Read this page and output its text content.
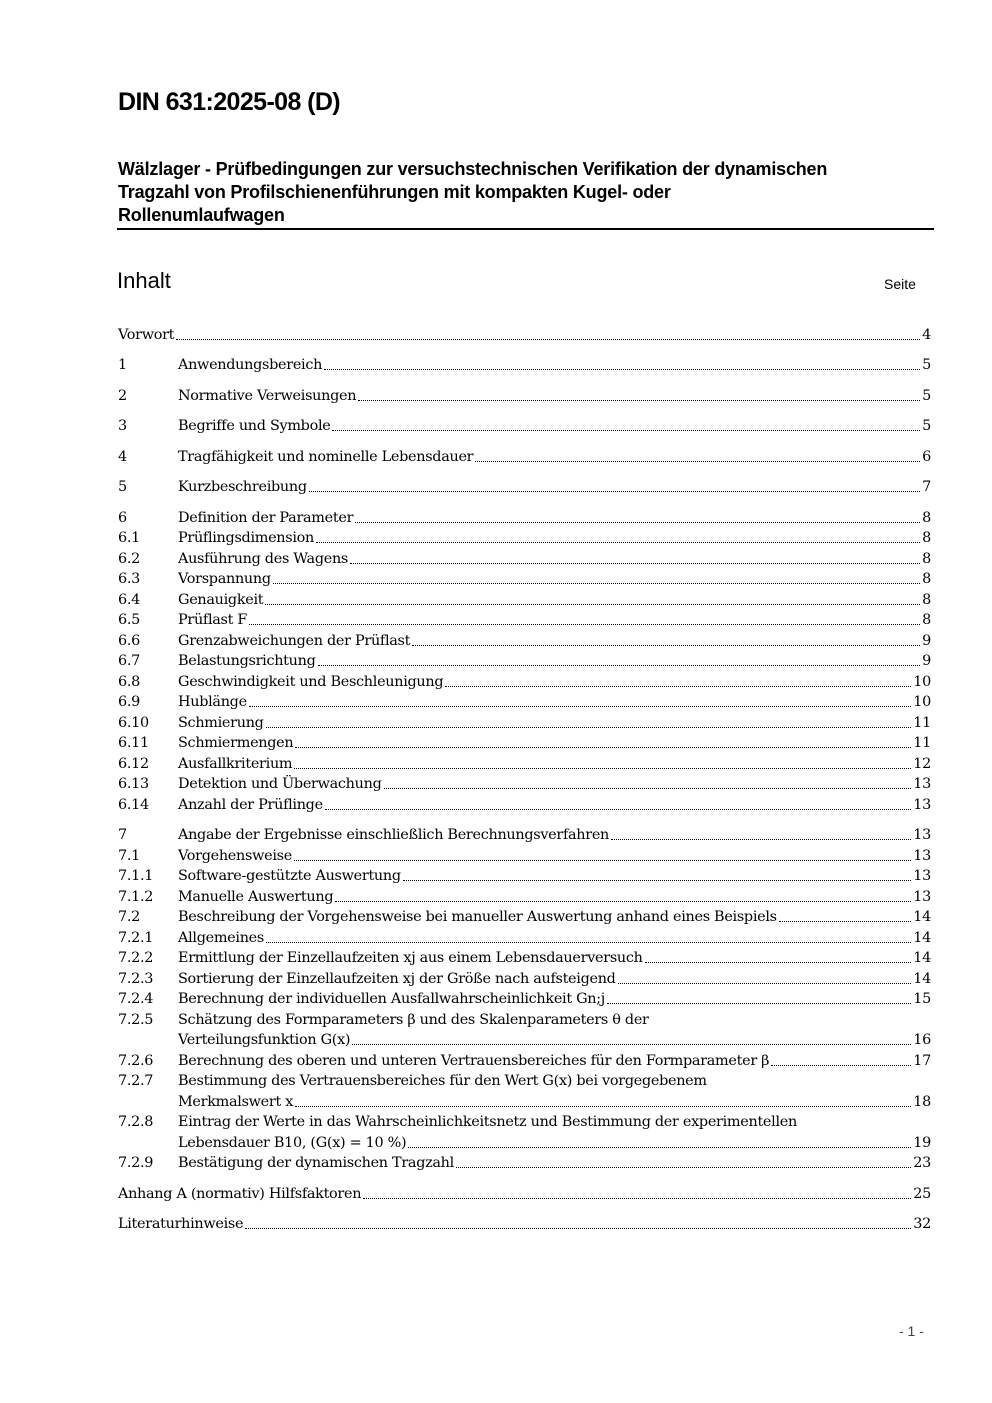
DIN 631:2025-08 (D)
Wälzlager - Prüfbedingungen zur versuchstechnischen Verifikation der dynamischen
Tragzahl von Profilschienenführungen mit kompakten Kugel- oder
Rollenumlaufwagen
Inhalt	Seite
Vorwort	4
1	Anwendungsbereich	5
2	Normative Verweisungen	5
3	Begriffe und Symbole	5
4	Tragfähigkeit und nominelle Lebensdauer	6
5	Kurzbeschreibung	7
6	Definition der Parameter	8
6.1	Prüflingsdimension	8
6.2	Ausführung des Wagens	8
6.3	Vorspannung	8
6.4	Genauigkeit	8
6.5	Prüflast F	8
6.6	Grenzabweichungen der Prüflast	9
6.7	Belastungsrichtung	9
6.8	Geschwindigkeit und Beschleunigung	10
6.9	Hublänge	10
6.10	Schmierung	11
6.11	Schmiermengen	11
6.12	Ausfallkriterium	12
6.13	Detektion und Überwachung	13
6.14	Anzahl der Prüflinge	13
7	Angabe der Ergebnisse einschließlich Berechnungsverfahren	13
7.1	Vorgehensweise	13
7.1.1	Software-gestützte Auswertung	13
7.1.2	Manuelle Auswertung	13
7.2	Beschreibung der Vorgehensweise bei manueller Auswertung anhand eines Beispiels	14
7.2.1	Allgemeines	14
7.2.2	Ermittlung der Einzellaufzeiten xj aus einem Lebensdauerversuch	14
7.2.3	Sortierung der Einzellaufzeiten xj der Größe nach aufsteigend	14
7.2.4	Berechnung der individuellen Ausfallwahrscheinlichkeit Gn;j	15
7.2.5	Schätzung des Formparameters β und des Skalenparameters θ der
Verteilungsfunktion G(x)	16
7.2.6	Berechnung des oberen und unteren Vertrauensbereiches für den Formparameter β	17
7.2.7	Bestimmung des Vertrauensbereiches für den Wert G(x) bei vorgegebenem
Merkmalswert x	18
7.2.8	Eintrag der Werte in das Wahrscheinlichkeitsnetz und Bestimmung der experimentellen
Lebensdauer B10, (G(x) = 10 %)	19
7.2.9	Bestätigung der dynamischen Tragzahl	23
Anhang A (normativ) Hilfsfaktoren	25
Literaturhinweise	32
- 1 -
